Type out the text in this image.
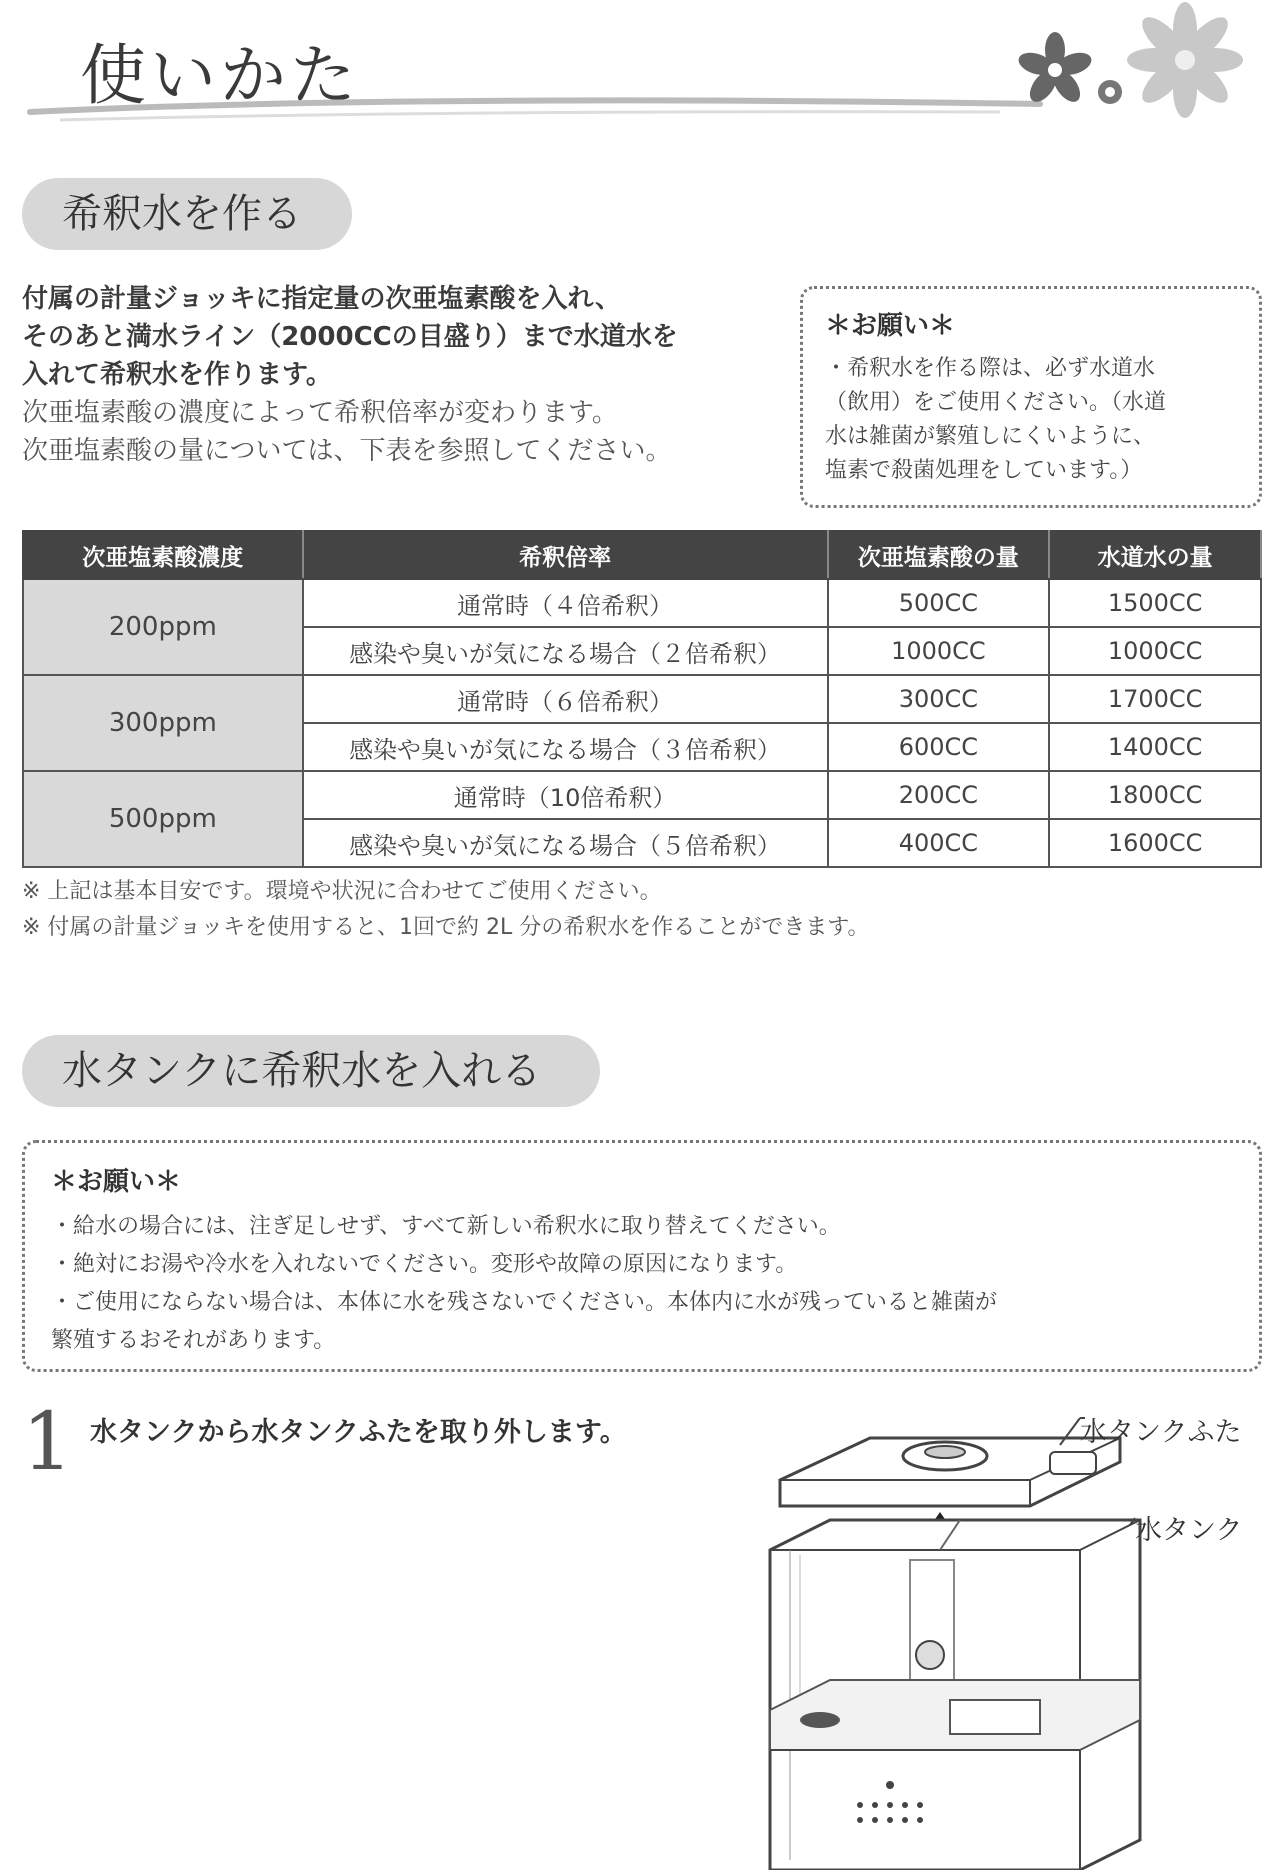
使いかた
希釈水を作る

付属の計量ジョッキに指定量の次亜塩素酸を入れ、

そのあと満水ライン（2000CCの目盛り）まで水道水を

入れて希釈水を作ります。

次亜塩素酸の濃度によって希釈倍率が変わります。

次亜塩素酸の量については、下表を参照してください。

＊お願い＊
・希釈水を作る際は、必ず水道水
（飲用）をご使用ください。（水道
水は雑菌が繁殖しにくいように、
塩素で殺菌処理をしています。）
次亜塩素酸濃度	希釈倍率	次亜塩素酸の量	水道水の量
200ppm	通常時（４倍希釈）	500CC	1500CC
	感染や臭いが気になる場合（２倍希釈）	1000CC	1000CC
300ppm	通常時（６倍希釈）	300CC	1700CC
	感染や臭いが気になる場合（３倍希釈）	600CC	1400CC
500ppm	通常時（10倍希釈）	200CC	1800CC
	感染や臭いが気になる場合（５倍希釈）	400CC	1600CC
※ 上記は基本目安です。環境や状況に合わせてご使用ください。
※ 付属の計量ジョッキを使用すると、1回で約 2L 分の希釈水を作ることができます。
水タンクに希釈水を入れる
＊お願い＊
・給水の場合には、注ぎ足しせず、すべて新しい希釈水に取り替えてください。
・絶対にお湯や冷水を入れないでください。変形や故障の原因になります。
・ご使用にならない場合は、本体に水を残さないでください。本体内に水が残っていると雑菌が
繁殖するおそれがあります。
1 水タンクから水タンクふたを取り外します。	水タンクふた
水タンク
